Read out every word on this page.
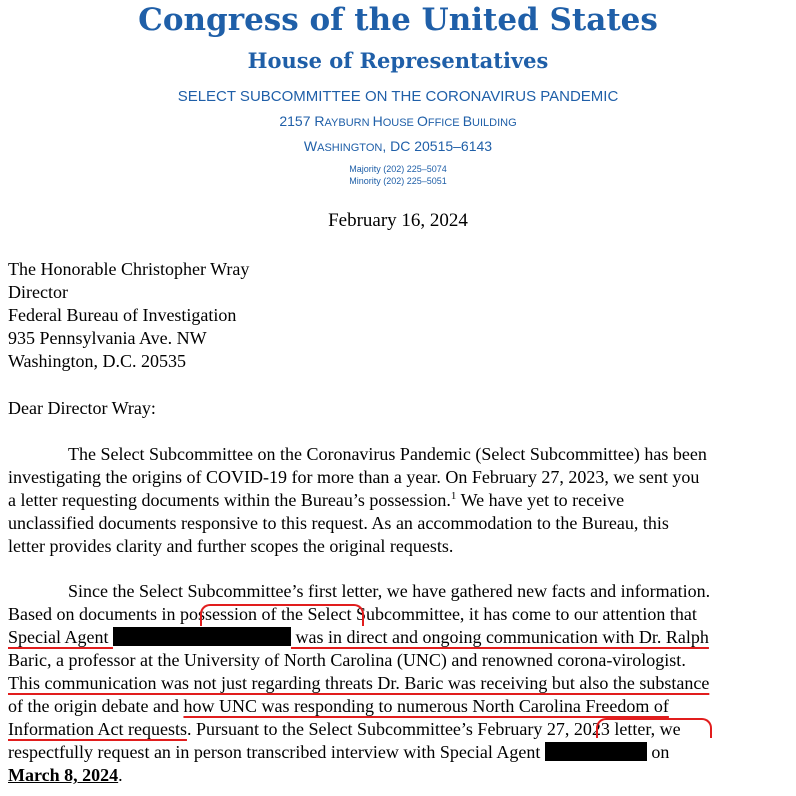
Congress of the United States
House of Representatives
SELECT SUBCOMMITTEE ON THE CORONAVIRUS PANDEMIC
2157 RAYBURN HOUSE OFFICE BUILDING
WASHINGTON, DC 20515–6143
Majority (202) 225–5074
Minority (202) 225–5051
February 16, 2024
The Honorable Christopher Wray
Director
Federal Bureau of Investigation
935 Pennsylvania Ave. NW
Washington, D.C. 20535
Dear Director Wray:
The Select Subcommittee on the Coronavirus Pandemic (Select Subcommittee) has been
investigating the origins of COVID-19 for more than a year. On February 27, 2023, we sent you
a letter requesting documents within the Bureau’s possession.$^1$ We have yet to receive
unclassified documents responsive to this request. As an accommodation to the Bureau, this
letter provides clarity and further scopes the original requests.
Since the Select Subcommittee’s first letter, we have gathered new facts and information.
Based on documents in possession of the Select Subcommittee, it has come to our attention that
Special Agent	was in direct and ongoing communication with Dr. Ralph
Baric, a professor at the University of North Carolina (UNC) and renowned corona-virologist.
This communication was not just regarding threats Dr. Baric was receiving but also the substance
of the origin debate and how UNC was responding to numerous North Carolina Freedom of
Information Act requests. Pursuant to the Select Subcommittee’s February 27, 2023 letter, we
respectfully request an in person transcribed interview with Special Agent	on
March 8, 2024.
